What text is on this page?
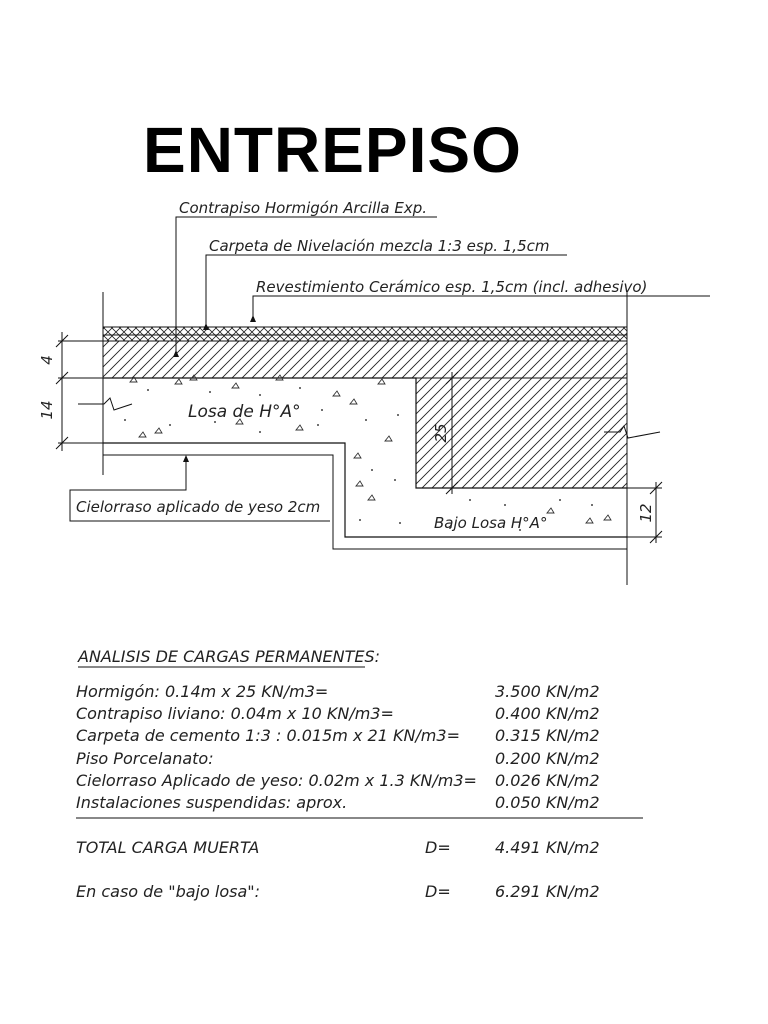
ENTREPISO
4
14
25
12
Contrapiso Hormigón Arcilla Exp.
Carpeta de Nivelación mezcla 1:3 esp. 1,5cm
Revestimiento Cerámico esp. 1,5cm (incl. adhesivo)
Cielorraso aplicado de yeso 2cm
Losa de H°A°
Bajo Losa H°A°
ANALISIS DE CARGAS PERMANENTES:
Hormigón: 0.14m x 25 KN/m3=	3.500 KN/m2
Contrapiso liviano: 0.04m x 10 KN/m3=	0.400 KN/m2
Carpeta de cemento 1:3 : 0.015m x 21 KN/m3= 0.315 KN/m2
Piso Porcelanato:	0.200 KN/m2
Cielorraso Aplicado de yeso: 0.02m x 1.3 KN/m3= 0.026 KN/m2
Instalaciones suspendidas: aprox.	0.050 KN/m2
TOTAL CARGA MUERTA	D=	4.491 KN/m2
En caso de "bajo losa":	D=	6.291 KN/m2
